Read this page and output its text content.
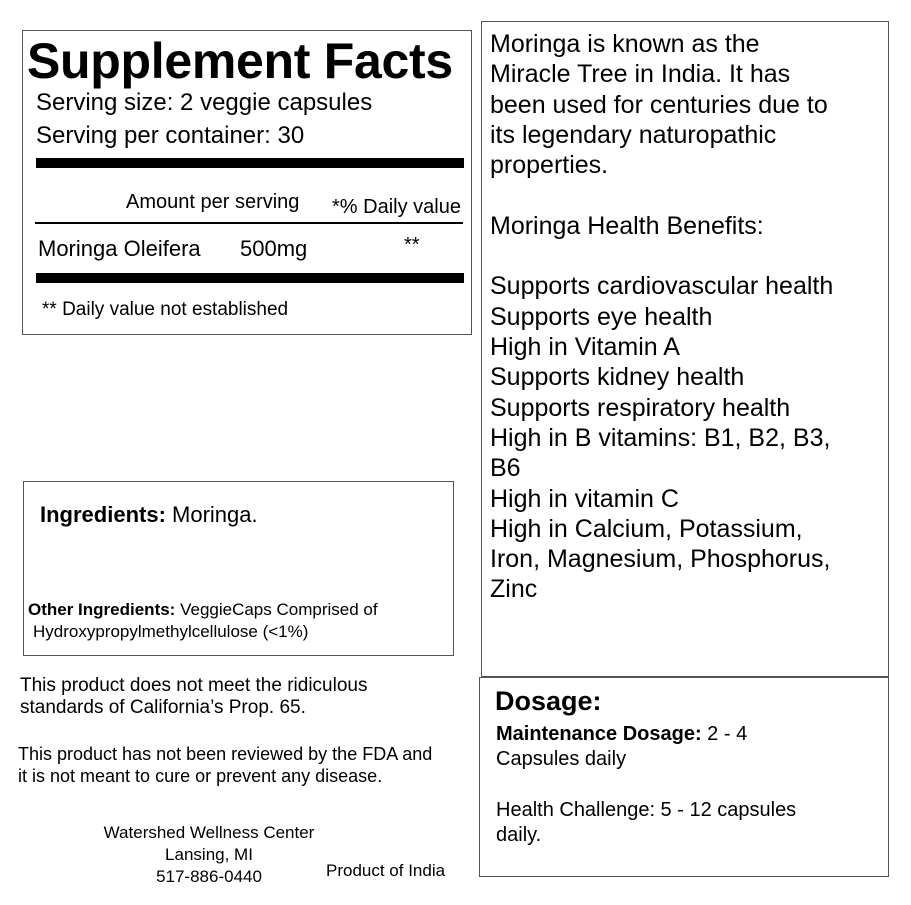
Supplement Facts
Serving size: 2 veggie capsules
Serving per container: 30
Amount per serving *% Daily value
Moringa Oleifera 500mg	**
** Daily value not established
Moringa is known as the
Miracle Tree in India. It has
been used for centuries due to
its legendary naturopathic
properties.
Moringa Health Benefits:
Supports cardiovascular health
Supports eye health
High in Vitamin A
Supports kidney health
Supports respiratory health
High in B vitamins: B1, B2, B3,
B6
High in vitamin C
High in Calcium, Potassium,
Iron, Magnesium, Phosphorus,
Zinc
Ingredients: Moringa.
Other Ingredients: VeggieCaps Comprised of
Hydroxypropylmethylcellulose (<1%)
This product does not meet the ridiculous
standards of California’s Prop. 65.
This product has not been reviewed by the FDA and
it is not meant to cure or prevent any disease.
Watershed Wellness Center
Lansing, MI
517-886-0440	Product of India
Dosage:
Maintenance Dosage: 2 - 4
Capsules daily
Health Challenge: 5 - 12 capsules
daily.
